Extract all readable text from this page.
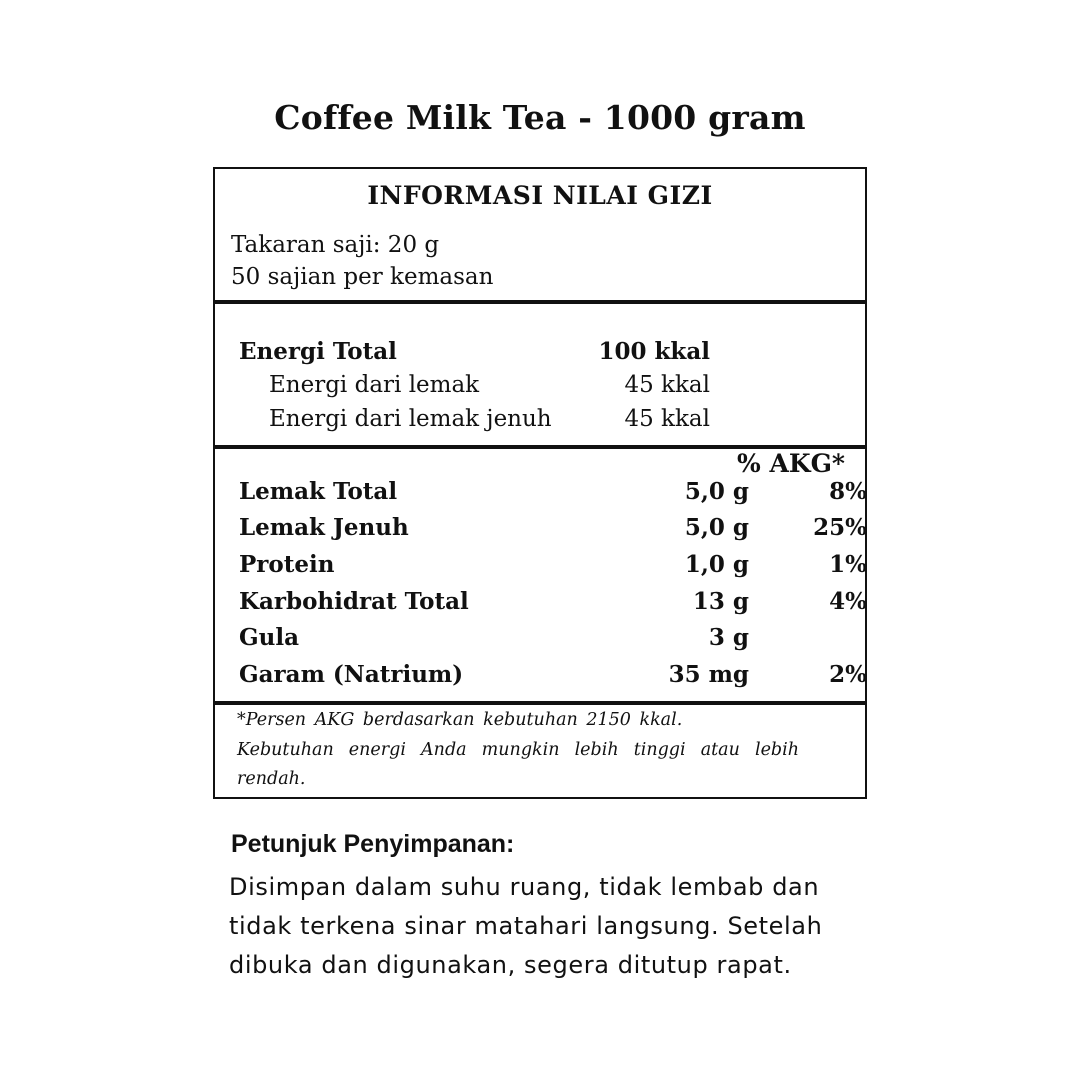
Coffee Milk Tea - 1000 gram
INFORMASI NILAI GIZI
Takaran saji: 20 g
50 sajian per kemasan
Energi Total	100 kkal
Energi dari lemak	45 kkal
Energi dari lemak jenuh	45 kkal
% AKG*
Lemak Total	5,0 g	8%
Lemak Jenuh	5,0 g	25%
Protein	1,0 g	1%
Karbohidrat Total	13 g	4%
Gula	3 g
Garam (Natrium)	35 mg	2%
*Persen AKG berdasarkan kebutuhan 2150 kkal.
Kebutuhan energi Anda mungkin lebih tinggi atau lebih rendah.
Petunjuk Penyimpanan:
Disimpan dalam suhu ruang, tidak lembab dan tidak terkena sinar matahari langsung. Setelah dibuka dan digunakan, segera ditutup rapat.
